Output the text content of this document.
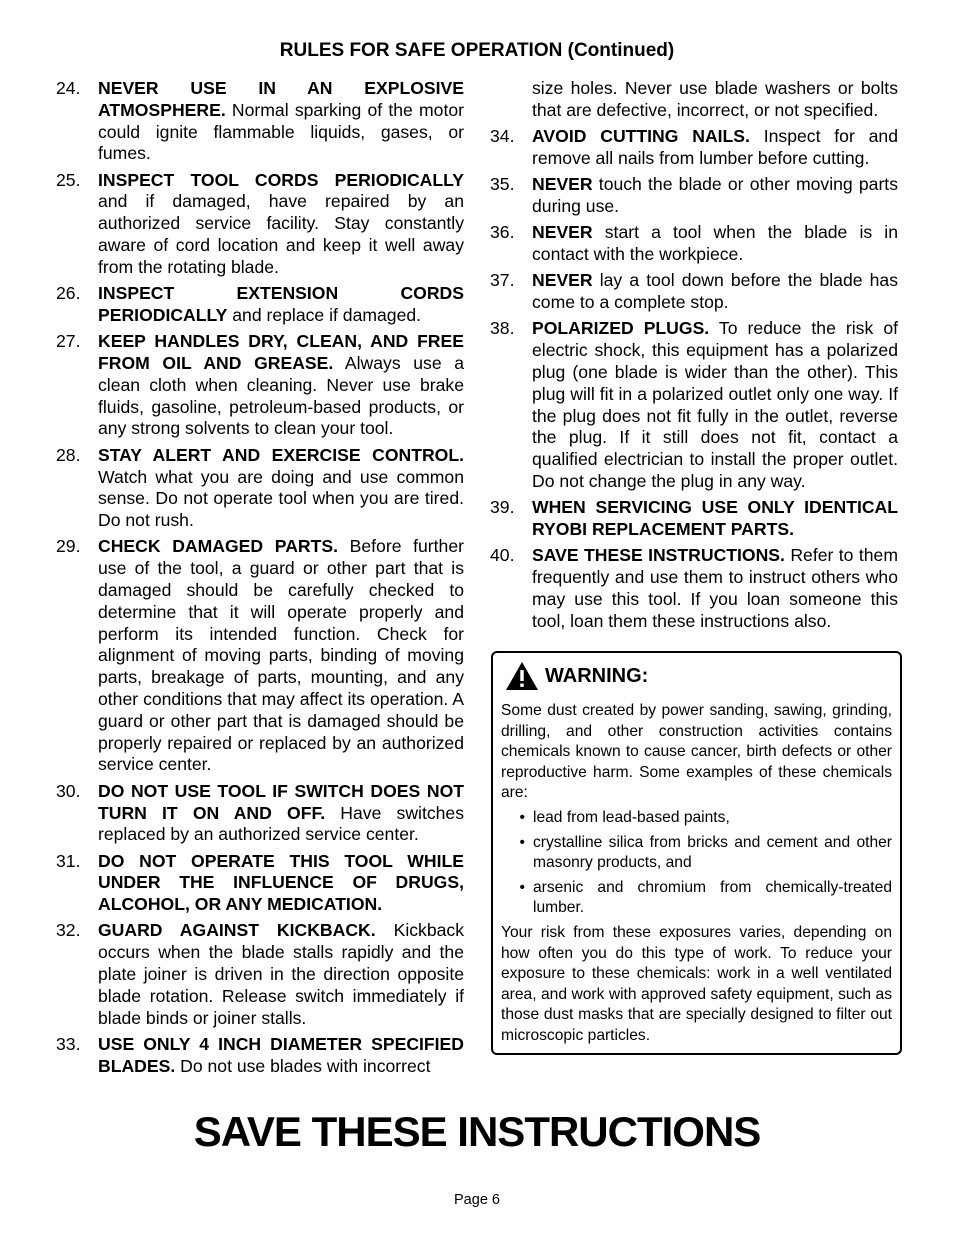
RULES FOR SAFE OPERATION (Continued)
24. NEVER USE IN AN EXPLOSIVE ATMOSPHERE. Normal sparking of the motor could ignite flammable liquids, gases, or fumes.
25. INSPECT TOOL CORDS PERIODICALLY and if damaged, have repaired by an authorized service facility. Stay constantly aware of cord location and keep it well away from the rotating blade.
26. INSPECT EXTENSION CORDS PERIODICALLY and replace if damaged.
27. KEEP HANDLES DRY, CLEAN, AND FREE FROM OIL AND GREASE. Always use a clean cloth when cleaning. Never use brake fluids, gasoline, petroleum-based products, or any strong solvents to clean your tool.
28. STAY ALERT AND EXERCISE CONTROL. Watch what you are doing and use common sense. Do not operate tool when you are tired. Do not rush.
29. CHECK DAMAGED PARTS. Before further use of the tool, a guard or other part that is damaged should be carefully checked to determine that it will operate properly and perform its intended function. Check for alignment of moving parts, binding of moving parts, breakage of parts, mounting, and any other conditions that may affect its operation. A guard or other part that is damaged should be properly repaired or replaced by an authorized service center.
30. DO NOT USE TOOL IF SWITCH DOES NOT TURN IT ON AND OFF. Have switches replaced by an authorized service center.
31. DO NOT OPERATE THIS TOOL WHILE UNDER THE INFLUENCE OF DRUGS, ALCOHOL, OR ANY MEDICATION.
32. GUARD AGAINST KICKBACK. Kickback occurs when the blade stalls rapidly and the plate joiner is driven in the direction opposite blade rotation. Release switch immediately if blade binds or joiner stalls.
33. USE ONLY 4 INCH DIAMETER SPECIFIED BLADES. Do not use blades with incorrect
size holes. Never use blade washers or bolts that are defective, incorrect, or not specified.
34. AVOID CUTTING NAILS. Inspect for and remove all nails from lumber before cutting.
35. NEVER touch the blade or other moving parts during use.
36. NEVER start a tool when the blade is in contact with the workpiece.
37. NEVER lay a tool down before the blade has come to a complete stop.
38. POLARIZED PLUGS. To reduce the risk of electric shock, this equipment has a polarized plug (one blade is wider than the other). This plug will fit in a polarized outlet only one way. If the plug does not fit fully in the outlet, reverse the plug. If it still does not fit, contact a qualified electrician to install the proper outlet. Do not change the plug in any way.
39. WHEN SERVICING USE ONLY IDENTICAL RYOBI REPLACEMENT PARTS.
40. SAVE THESE INSTRUCTIONS. Refer to them frequently and use them to instruct others who may use this tool. If you loan someone this tool, loan them these instructions also.
WARNING:

Some dust created by power sanding, sawing, grinding, drilling, and other construction activities contains chemicals known to cause cancer, birth defects or other reproductive harm. Some examples of these chemicals are:

• lead from lead-based paints,
• crystalline silica from bricks and cement and other masonry products, and
• arsenic and chromium from chemically-treated lumber.

Your risk from these exposures varies, depending on how often you do this type of work. To reduce your exposure to these chemicals: work in a well ventilated area, and work with approved safety equipment, such as those dust masks that are specially designed to filter out microscopic particles.

SAVE THESE INSTRUCTIONS
Page 6
